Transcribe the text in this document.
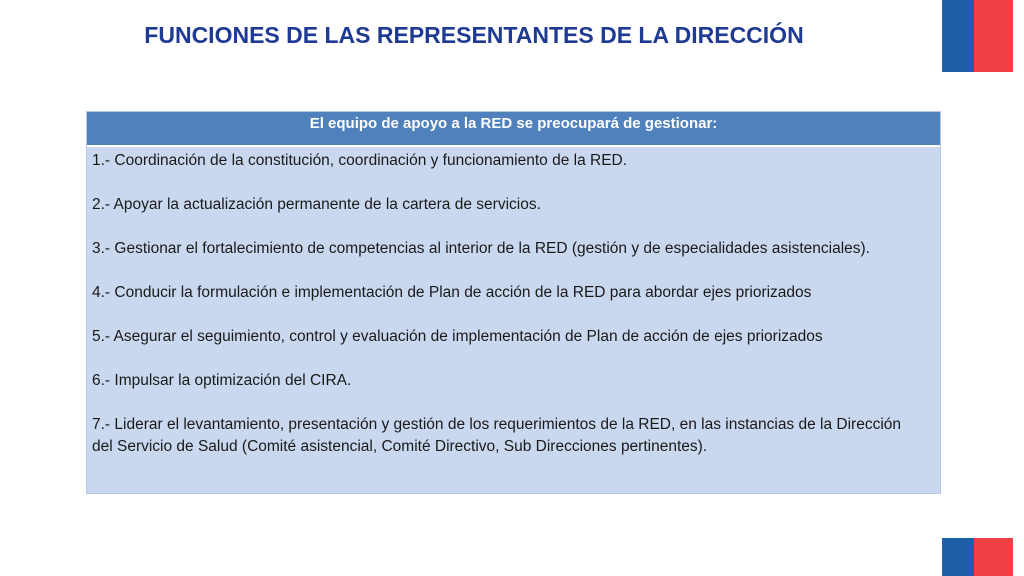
FUNCIONES DE LAS REPRESENTANTES DE LA DIRECCIÓN
El equipo de apoyo a la RED se preocupará de gestionar:
1.- Coordinación de la constitución, coordinación y funcionamiento de la RED.
2.- Apoyar la actualización permanente de la cartera de servicios.
3.- Gestionar el fortalecimiento de competencias al interior de la RED (gestión y de especialidades asistenciales).
4.- Conducir la formulación e implementación de Plan de acción de la RED para abordar ejes priorizados
5.- Asegurar el seguimiento, control y evaluación de implementación de Plan de acción de ejes priorizados
6.- Impulsar la optimización del CIRA.
7.- Liderar el levantamiento, presentación y gestión de los requerimientos de la RED, en las instancias de la Dirección del Servicio de Salud (Comité asistencial, Comité Directivo, Sub Direcciones pertinentes).
